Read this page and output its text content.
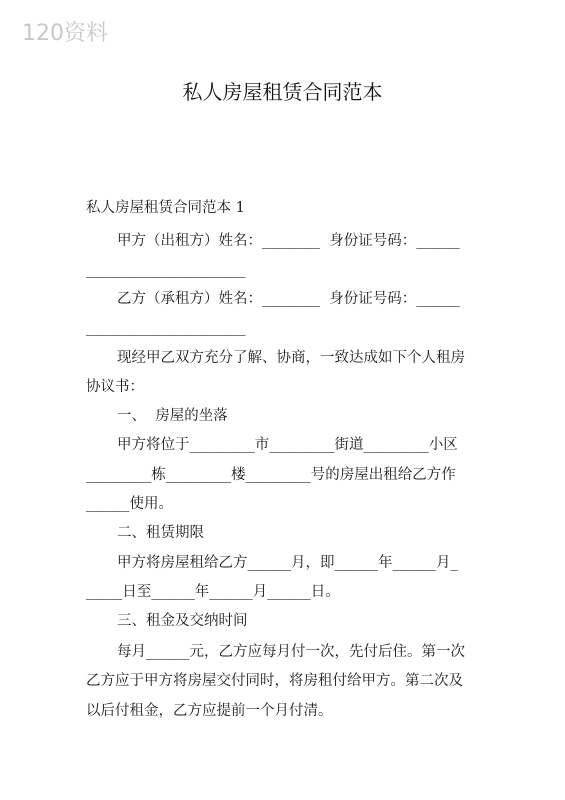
120资料
私人房屋租赁合同范本
私人房屋租赁合同范本 1
甲方（出租方）姓名：________  身份证号码：______
______________________
乙方（承租方）姓名：________  身份证号码：______
______________________
现经甲乙双方充分了解、协商，一致达成如下个人租房
协议书：
一、  房屋的坐落
甲方将位于_________市_________街道_________小区
_________栋_________楼_________号的房屋出租给乙方作
______使用。
二、租赁期限
甲方将房屋租给乙方______月，即______年______月_
_____日至______年______月______日。
三、租金及交纳时间
每月______元，乙方应每月付一次，先付后住。第一次
乙方应于甲方将房屋交付同时，将房租付给甲方。第二次及
以后付租金，乙方应提前一个月付清。
